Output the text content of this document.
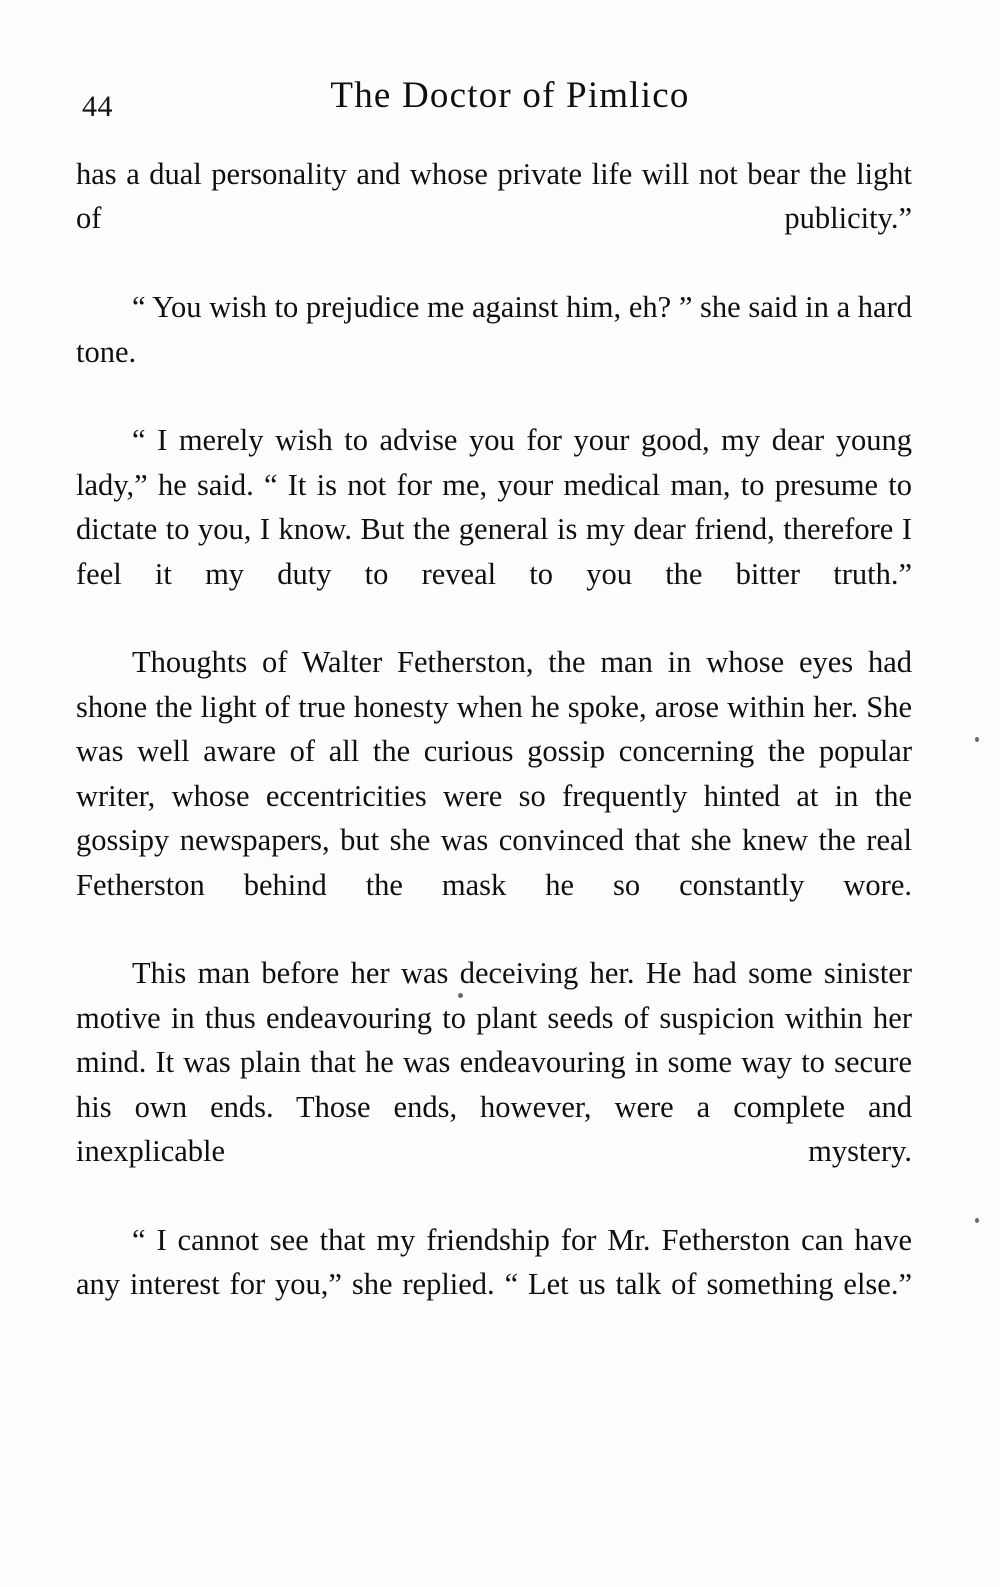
44	The Doctor of Pimlico

has a dual personality and whose private life will not bear the light of publicity.”

“ You wish to prejudice me against him, eh? ” she said in a hard tone.

“ I merely wish to advise you for your good, my dear young lady,” he said. “ It is not for me, your medical man, to presume to dictate to you, I know. But the general is my dear friend, therefore I feel it my duty to reveal to you the bitter truth.”

Thoughts of Walter Fetherston, the man in whose eyes had shone the light of true honesty when he spoke, arose within her. She was well aware of all the curious gossip concerning the popular writer, whose eccentricities were so frequently hinted at in the gossipy newspapers, but she was convinced that she knew the real Fetherston behind the mask he so constantly wore.

This man before her was deceiving her. He had some sinister motive in thus endeavouring to plant seeds of suspicion within her mind. It was plain that he was endeavouring in some way to secure his own ends. Those ends, however, were a complete and inexplicable mystery.

“ I cannot see that my friendship for Mr. Fetherston can have any interest for you,” she replied. “ Let us talk of something else.”
